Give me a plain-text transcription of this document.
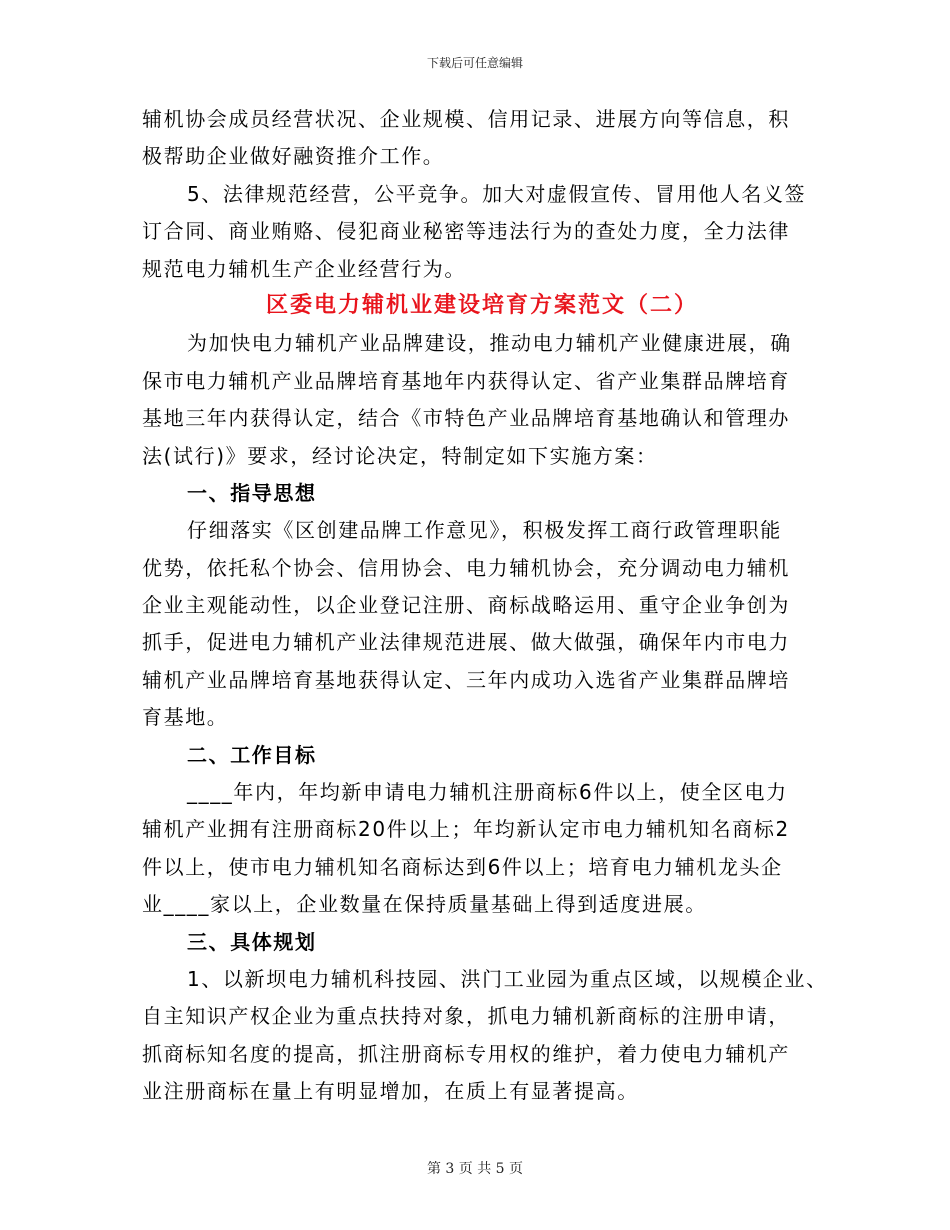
下载后可任意编辑
辅机协会成员经营状况、企业规模、信用记录、进展方向等信息，积
极帮助企业做好融资推介工作。
5、法律规范经营，公平竞争。加大对虚假宣传、冒用他人名义签
订合同、商业贿赂、侵犯商业秘密等违法行为的查处力度，全力法律
规范电力辅机生产企业经营行为。
区委电力辅机业建设培育方案范文（二）
为加快电力辅机产业品牌建设，推动电力辅机产业健康进展，确
保市电力辅机产业品牌培育基地年内获得认定、省产业集群品牌培育
基地三年内获得认定，结合《市特色产业品牌培育基地确认和管理办
法(试行)》要求，经讨论决定，特制定如下实施方案：
一、指导思想
仔细落实《区创建品牌工作意见》，积极发挥工商行政管理职能
优势，依托私个协会、信用协会、电力辅机协会，充分调动电力辅机
企业主观能动性，以企业登记注册、商标战略运用、重守企业争创为
抓手，促进电力辅机产业法律规范进展、做大做强，确保年内市电力
辅机产业品牌培育基地获得认定、三年内成功入选省产业集群品牌培
育基地。
二、工作目标
____年内，年均新申请电力辅机注册商标6件以上，使全区电力
辅机产业拥有注册商标20件以上；年均新认定市电力辅机知名商标2
件以上，使市电力辅机知名商标达到6件以上；培育电力辅机龙头企
业____家以上，企业数量在保持质量基础上得到适度进展。
三、具体规划
1、以新坝电力辅机科技园、洪门工业园为重点区域，以规模企业、
自主知识产权企业为重点扶持对象，抓电力辅机新商标的注册申请，
抓商标知名度的提高，抓注册商标专用权的维护，着力使电力辅机产
业注册商标在量上有明显增加，在质上有显著提高。
第 3 页 共 5 页
